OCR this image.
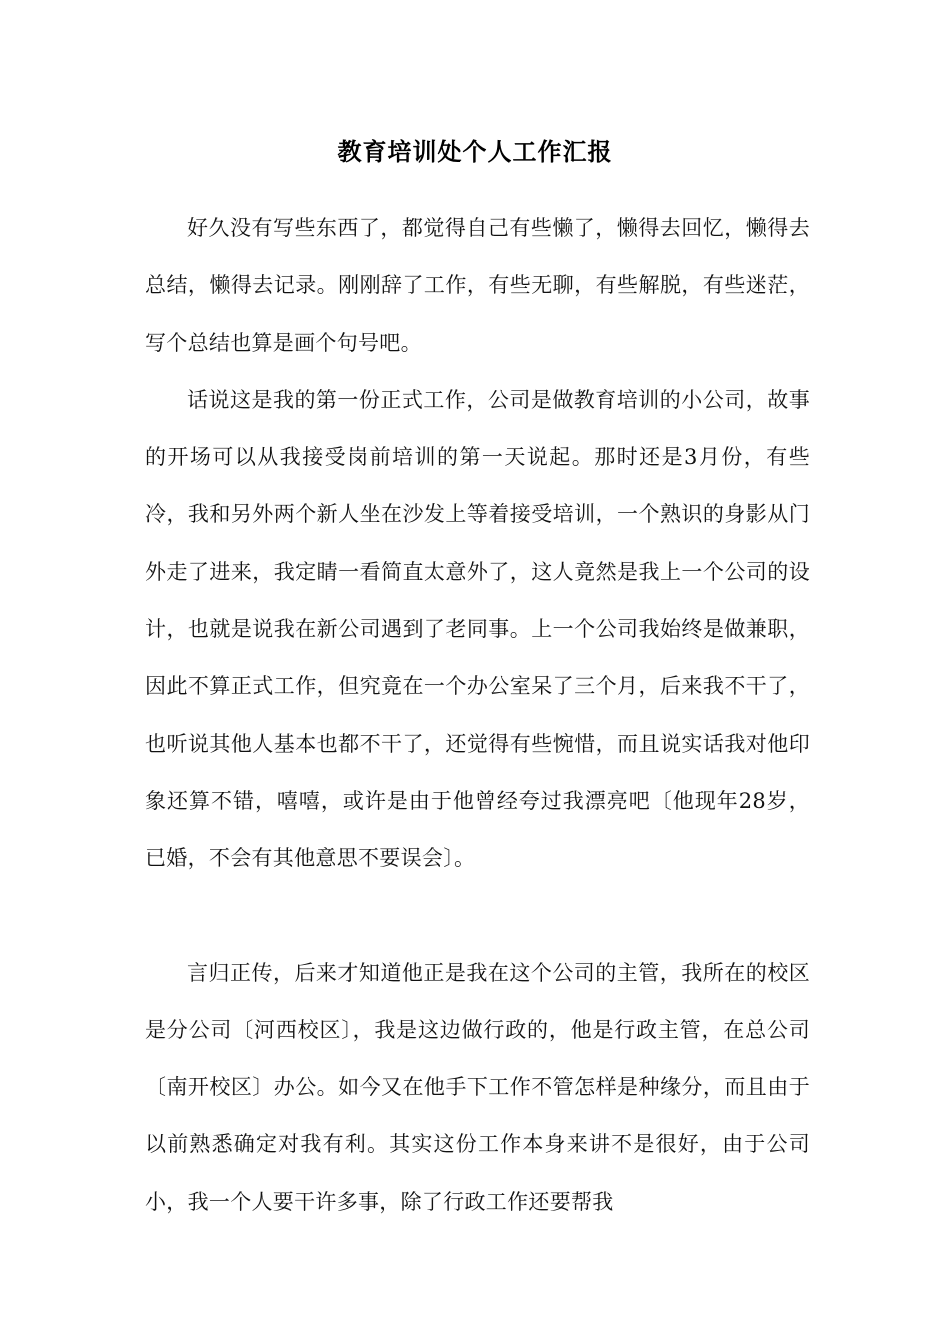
教育培训处个人工作汇报

好久没有写些东西了，都觉得自己有些懒了，懒得去回忆，懒得去总结，懒得去记录。刚刚辞了工作，有些无聊，有些解脱，有些迷茫，写个总结也算是画个句号吧。

话说这是我的第一份正式工作，公司是做教育培训的小公司，故事的开场可以从我接受岗前培训的第一天说起。那时还是3月份，有些冷，我和另外两个新人坐在沙发上等着接受培训，一个熟识的身影从门外走了进来，我定睛一看简直太意外了，这人竟然是我上一个公司的设计，也就是说我在新公司遇到了老同事。上一个公司我始终是做兼职，因此不算正式工作，但究竟在一个办公室呆了三个月，后来我不干了，也听说其他人基本也都不干了，还觉得有些惋惜，而且说实话我对他印象还算不错，嘻嘻，或许是由于他曾经夸过我漂亮吧〔他现年28岁，已婚，不会有其他意思不要误会〕。

言归正传，后来才知道他正是我在这个公司的主管，我所在的校区是分公司〔河西校区〕，我是这边做行政的，他是行政主管，在总公司〔南开校区〕办公。如今又在他手下工作不管怎样是种缘分，而且由于以前熟悉确定对我有利。其实这份工作本身来讲不是很好，由于公司小，我一个人要干许多事，除了行政工作还要帮我
